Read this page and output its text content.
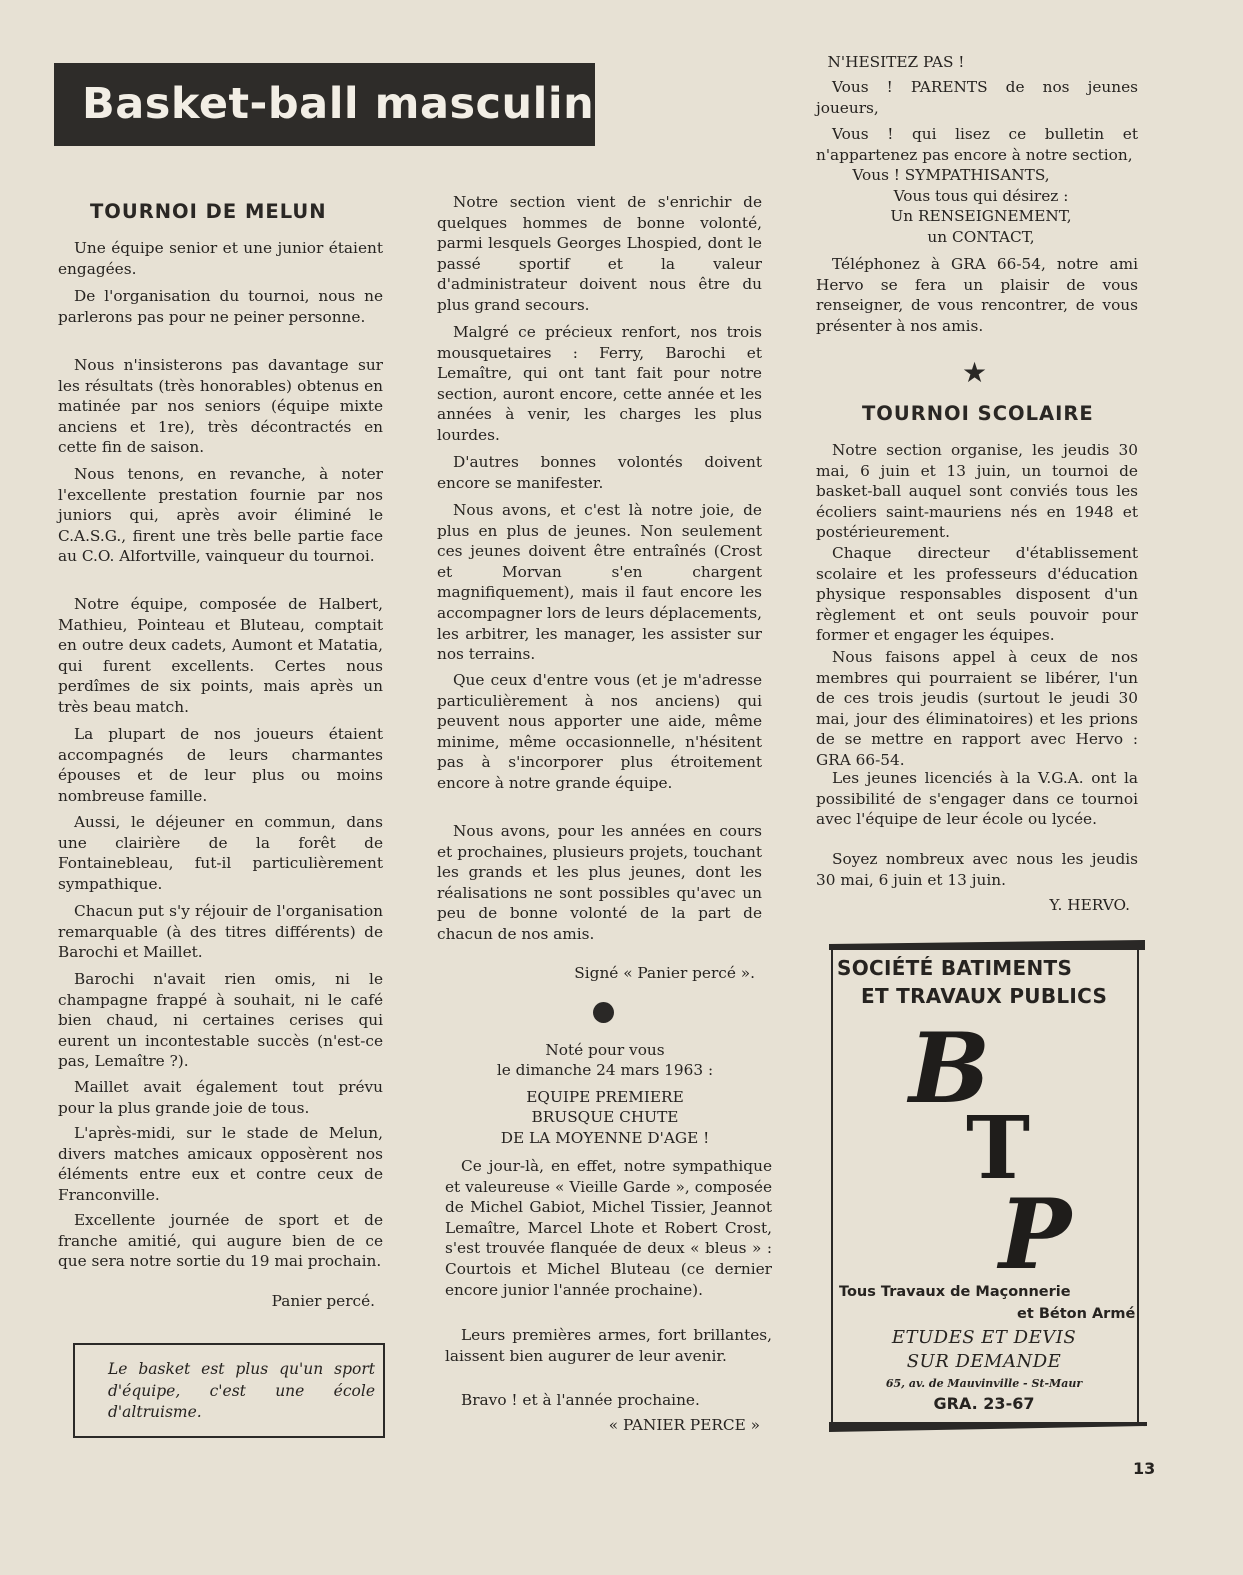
Basket-ball masculin
TOURNOI DE MELUN

Une équipe senior et une junior étaient engagées.

De l'organisation du tournoi, nous ne parlerons pas pour ne peiner personne.

Nous n'insisterons pas davantage sur les résultats (très honorables) obtenus en matinée par nos seniors (équipe mixte anciens et 1re), très décontractés en cette fin de saison.

Nous tenons, en revanche, à noter l'excellente prestation fournie par nos juniors qui, après avoir éliminé le C.A.S.G., firent une très belle partie face au C.O. Alfortville, vainqueur du tournoi.

Notre équipe, composée de Halbert, Mathieu, Pointeau et Bluteau, comptait en outre deux cadets, Aumont et Matatia, qui furent excellents. Certes nous perdîmes de six points, mais après un très beau match.

La plupart de nos joueurs étaient accompagnés de leurs charmantes épouses et de leur plus ou moins nombreuse famille.

Aussi, le déjeuner en commun, dans une clairière de la forêt de Fontainebleau, fut-il particulièrement sympathique.

Chacun put s'y réjouir de l'organisation remarquable (à des titres différents) de Barochi et Maillet.

Barochi n'avait rien omis, ni le champagne frappé à souhait, ni le café bien chaud, ni certaines cerises qui eurent un incontestable succès (n'est-ce pas, Lemaître ?).

Maillet avait également tout prévu pour la plus grande joie de tous.

L'après-midi, sur le stade de Melun, divers matches amicaux opposèrent nos éléments entre eux et contre ceux de Franconville.

Excellente journée de sport et de franche amitié, qui augure bien de ce que sera notre sortie du 19 mai prochain.

Panier percé.
Le basket est plus qu'un sport d'équipe, c'est une école d'altruisme.

Notre section vient de s'enrichir de quelques hommes de bonne volonté, parmi lesquels Georges Lhospied, dont le passé sportif et la valeur d'administrateur doivent nous être du plus grand secours.

Malgré ce précieux renfort, nos trois mousquetaires : Ferry, Barochi et Lemaître, qui ont tant fait pour notre section, auront encore, cette année et les années à venir, les charges les plus lourdes.

D'autres bonnes volontés doivent encore se manifester.

Nous avons, et c'est là notre joie, de plus en plus de jeunes. Non seulement ces jeunes doivent être entraînés (Crost et Morvan s'en chargent magnifiquement), mais il faut encore les accompagner lors de leurs déplacements, les arbitrer, les manager, les assister sur nos terrains.

Que ceux d'entre vous (et je m'adresse particulièrement à nos anciens) qui peuvent nous apporter une aide, même minime, même occasionnelle, n'hésitent pas à s'incorporer plus étroitement encore à notre grande équipe.

Nous avons, pour les années en cours et prochaines, plusieurs projets, touchant les grands et les plus jeunes, dont les réalisations ne sont possibles qu'avec un peu de bonne volonté de la part de chacun de nos amis.

Signé « Panier percé ».
Noté pour vous
le dimanche 24 mars 1963 :
EQUIPE PREMIERE
BRUSQUE CHUTE
DE LA MOYENNE D'AGE !

Ce jour-là, en effet, notre sympathique et valeureuse « Vieille Garde », composée de Michel Gabiot, Michel Tissier, Jeannot Lemaître, Marcel Lhote et Robert Crost, s'est trouvée flanquée de deux « bleus » : Courtois et Michel Bluteau (ce dernier encore junior l'année prochaine).

Leurs premières armes, fort brillantes, laissent bien augurer de leur avenir.

Bravo ! et à l'année prochaine.

« PANIER PERCE »
N'HESITEZ PAS !

Vous ! PARENTS de nos jeunes joueurs,

Vous ! qui lisez ce bulletin et n'appartenez pas encore à notre section,

Vous ! SYMPATHISANTS,
Vous tous qui désirez :
Un RENSEIGNEMENT,
un CONTACT,

Téléphonez à GRA 66-54, notre ami Hervo se fera un plaisir de vous renseigner, de vous rencontrer, de vous présenter à nos amis.

★
TOURNOI SCOLAIRE

Notre section organise, les jeudis 30 mai, 6 juin et 13 juin, un tournoi de basket-ball auquel sont conviés tous les écoliers saint-mauriens nés en 1948 et postérieurement.

Chaque directeur d'établissement scolaire et les professeurs d'éducation physique responsables disposent d'un règlement et ont seuls pouvoir pour former et engager les équipes.

Nous faisons appel à ceux de nos membres qui pourraient se libérer, l'un de ces trois jeudis (surtout le jeudi 30 mai, jour des éliminatoires) et les prions de se mettre en rapport avec Hervo : GRA 66-54.

Les jeunes licenciés à la V.G.A. ont la possibilité de s'engager dans ce tournoi avec l'équipe de leur école ou lycée.

Soyez nombreux avec nous les jeudis 30 mai, 6 juin et 13 juin.

Y. HERVO.
SOCIÉTÉ BATIMENTS
ET TRAVAUX PUBLICS
B
T
P
Tous Travaux de Maçonnerie
et Béton Armé
ETUDES ET DEVIS
SUR DEMANDE
65, av. de Mauvinville - St-Maur
GRA. 23-67
13
